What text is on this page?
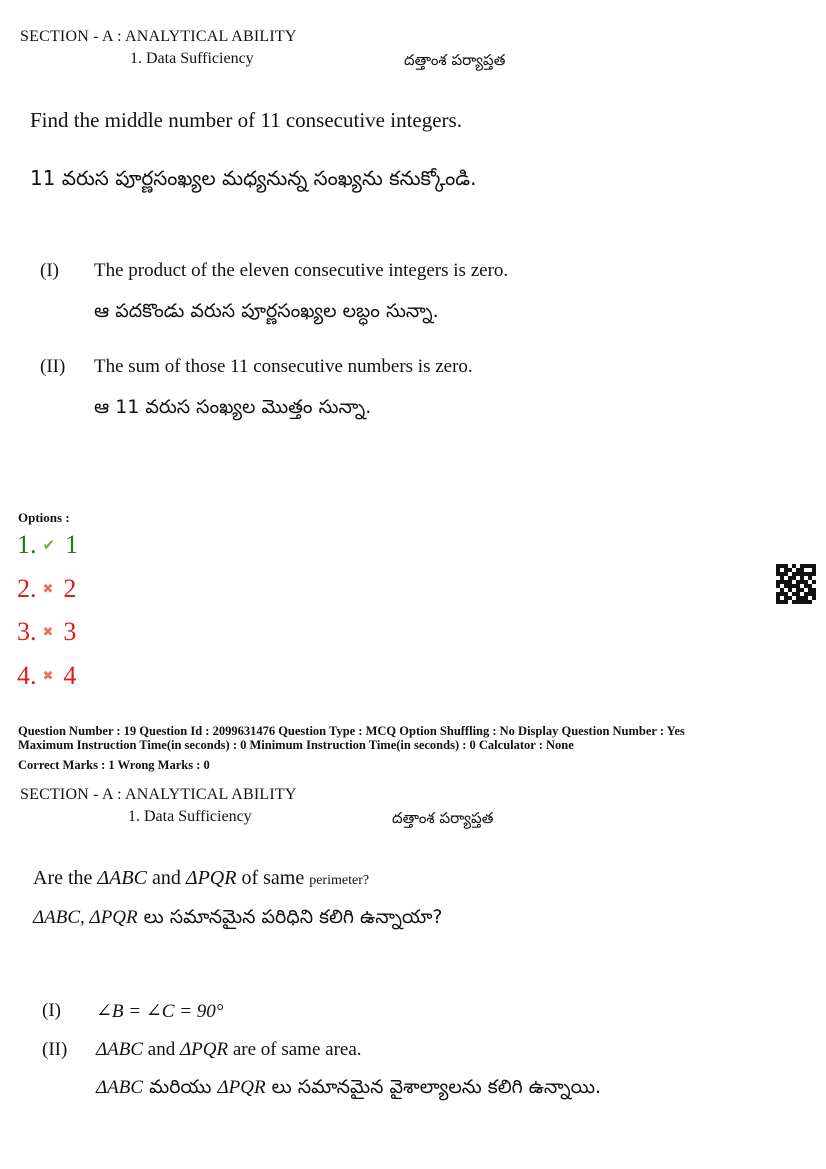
SECTION - A : ANALYTICAL ABILITY
1. Data Sufficiency	దత్తాంశ పర్యాప్తత
Find the middle number of 11 consecutive integers.
11 వరుస పూర్ణసంఖ్యల మధ్యనున్న సంఖ్యను కనుక్కోండి.
(I) The product of the eleven consecutive integers is zero.
ఆ పదకొండు వరుస పూర్ణసంఖ్యల లబ్ధం సున్నా.
(II) The sum of those 11 consecutive numbers is zero.
ఆ 11 వరుస సంఖ్యల మొత్తం సున్నా.
Options :
1. ✔ 1
2. ✖ 2
3. ✖ 3
4. ✖ 4
Question Number : 19 Question Id : 2099631476 Question Type : MCQ Option Shuffling : No Display Question Number : Yes
Maximum Instruction Time(in seconds) : 0 Minimum Instruction Time(in seconds) : 0 Calculator : None
Correct Marks : 1 Wrong Marks : 0
SECTION - A : ANALYTICAL ABILITY
1. Data Sufficiency	దత్తాంశ పర్యాప్తత
Are the ΔABC and ΔPQR of same perimeter?
ΔABC, ΔPQR లు సమానమైన పరిధిని కలిగి ఉన్నాయా?
(I) ∠B = ∠C = 90°
(II) ΔABC and ΔPQR are of same area.
ΔABC మరియు ΔPQR లు సమానమైన వైశాల్యాలను కలిగి ఉన్నాయి.
